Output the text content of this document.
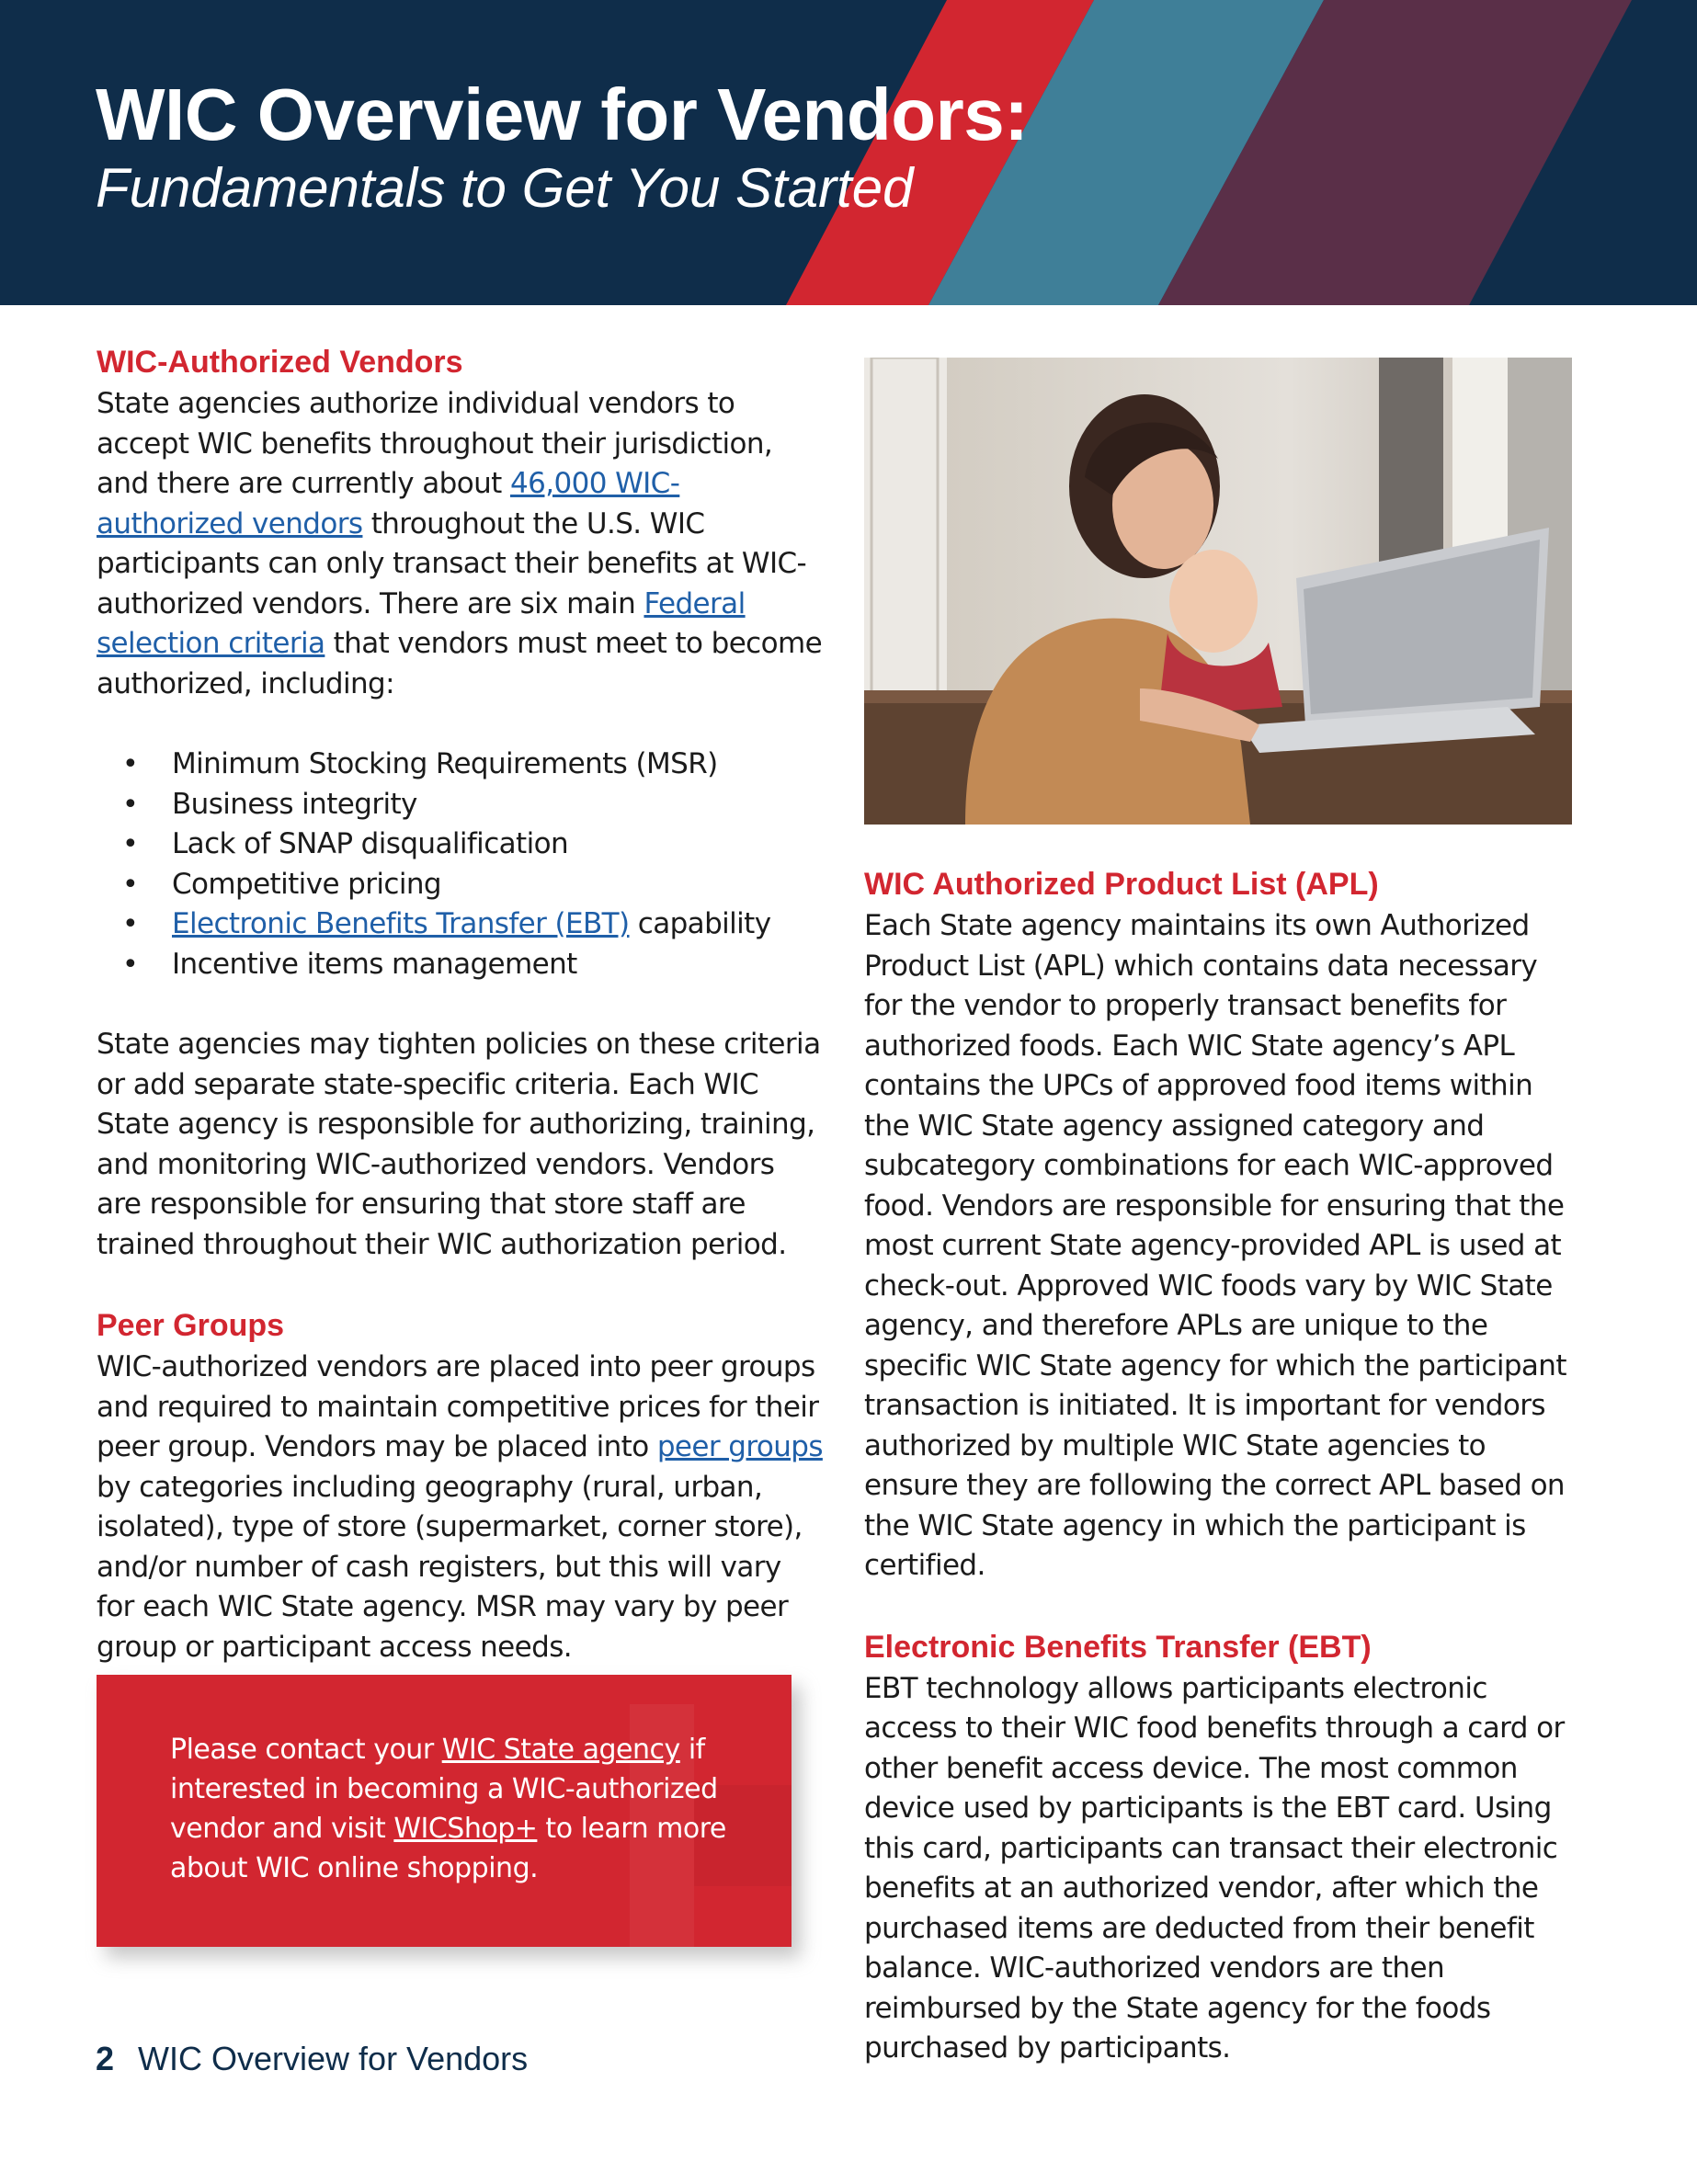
WIC Overview for Vendors:
Fundamentals to Get You Started
WIC-Authorized Vendors

State agencies authorize individual vendors to accept WIC benefits throughout their jurisdiction, and there are currently about 46,000 WIC-authorized vendors throughout the U.S. WIC participants can only transact their benefits at WIC-authorized vendors. There are six main Federal selection criteria that vendors must meet to become authorized, including:

• Minimum Stocking Requirements (MSR)
• Business integrity
• Lack of SNAP disqualification
• Competitive pricing
• Electronic Benefits Transfer (EBT) capability
• Incentive items management

State agencies may tighten policies on these criteria or add separate state-specific criteria. Each WIC State agency is responsible for authorizing, training, and monitoring WIC-authorized vendors. Vendors are responsible for ensuring that store staff are trained throughout their WIC authorization period.

Peer Groups

WIC-authorized vendors are placed into peer groups and required to maintain competitive prices for their peer group. Vendors may be placed into peer groups by categories including geography (rural, urban, isolated), type of store (supermarket, corner store), and/or number of cash registers, but this will vary for each WIC State agency. MSR may vary by peer group or participant access needs.

Please contact your WIC State agency if interested in becoming a WIC-authorized vendor and visit WICShop+ to learn more about WIC online shopping.

WIC Authorized Product List (APL)

Each State agency maintains its own Authorized Product List (APL) which contains data necessary for the vendor to properly transact benefits for authorized foods. Each WIC State agency’s APL contains the UPCs of approved food items within the WIC State agency assigned category and subcategory combinations for each WIC-approved food. Vendors are responsible for ensuring that the most current State agency-provided APL is used at check-out. Approved WIC foods vary by WIC State agency, and therefore APLs are unique to the specific WIC State agency for which the participant transaction is initiated. It is important for vendors authorized by multiple WIC State agencies to ensure they are following the correct APL based on the WIC State agency in which the participant is certified.

Electronic Benefits Transfer (EBT)

EBT technology allows participants electronic access to their WIC food benefits through a card or other benefit access device. The most common device used by participants is the EBT card. Using this card, participants can transact their electronic benefits at an authorized vendor, after which the purchased items are deducted from their benefit balance. WIC-authorized vendors are then reimbursed by the State agency for the foods purchased by participants.

2 WIC Overview for Vendors
